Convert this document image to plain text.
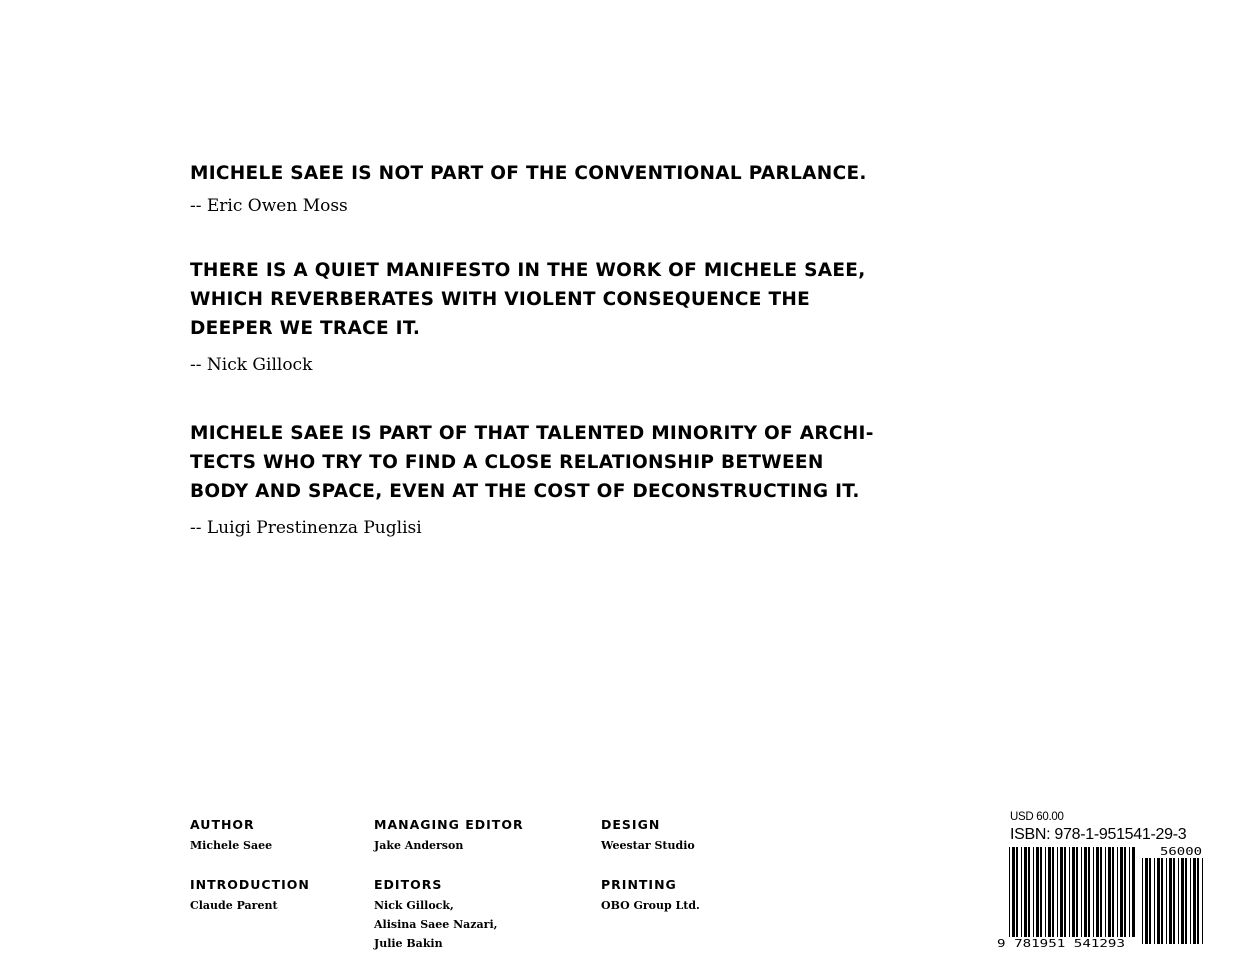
MICHELE SAEE IS NOT PART OF THE CONVENTIONAL PARLANCE.

-- Eric Owen Moss

THERE IS A QUIET MANIFESTO IN THE WORK OF MICHELE SAEE,
WHICH REVERBERATES WITH VIOLENT CONSEQUENCE THE
DEEPER WE TRACE IT.

-- Nick Gillock

MICHELE SAEE IS PART OF THAT TALENTED MINORITY OF ARCHI-
TECTS WHO TRY TO FIND A CLOSE RELATIONSHIP BETWEEN
BODY AND SPACE, EVEN AT THE COST OF DECONSTRUCTING IT.

-- Luigi Prestinenza Puglisi

AUTHOR
Michele Saee
MANAGING EDITOR
Jake Anderson
DESIGN
Weestar Studio
INTRODUCTION
Claude Parent
EDITORS
Nick Gillock,
Alisina Saee Nazari,
Julie Bakin
PRINTING
OBO Group Ltd.
USD 60.00
ISBN: 978-1-951541-29-3
9 781951 541293
56000
